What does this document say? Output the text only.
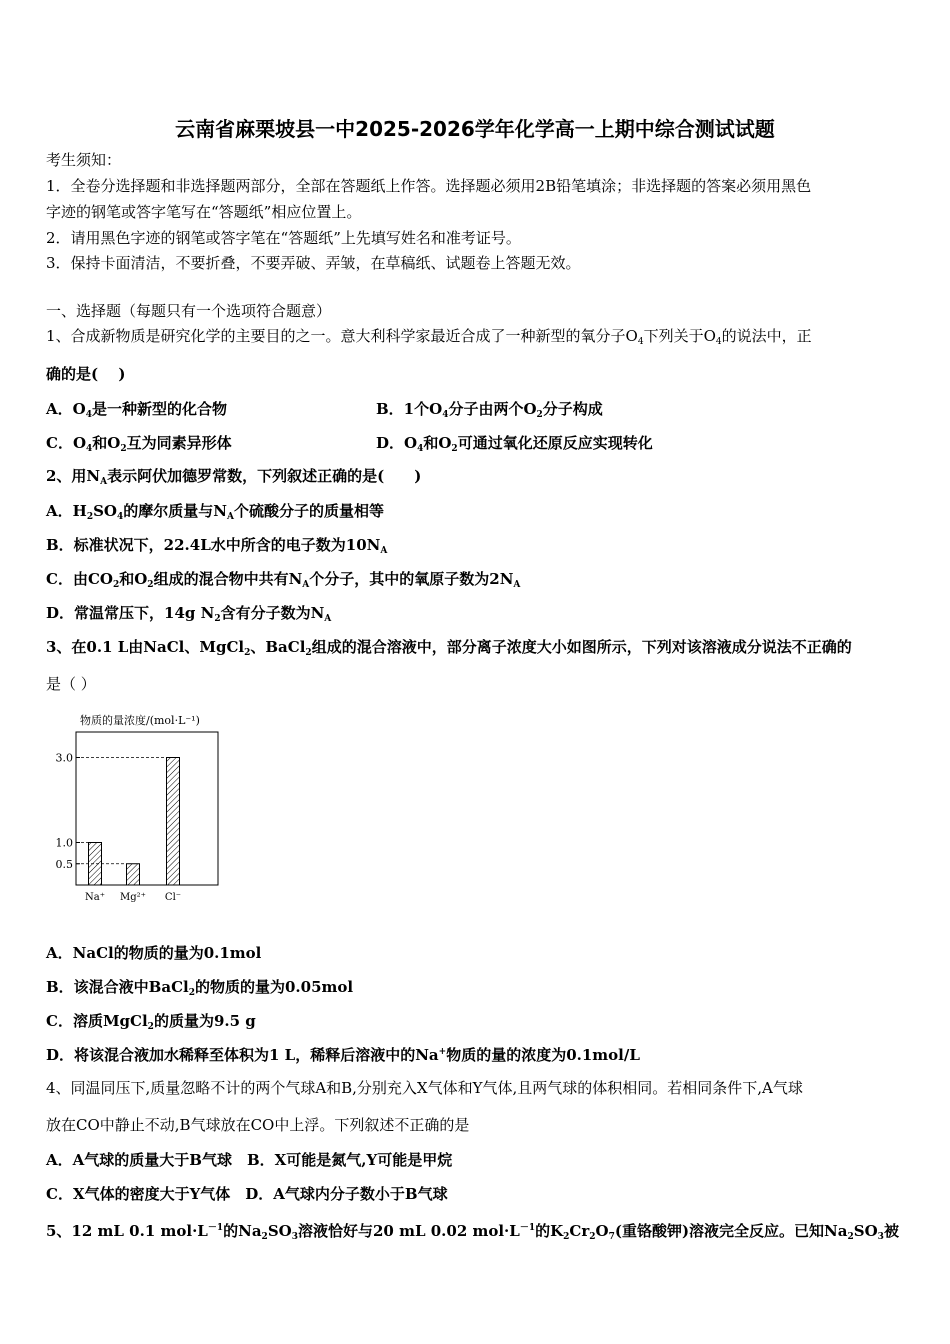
云南省麻栗坡县一中2025-2026学年化学高一上期中综合测试试题
考生须知：
1．全卷分选择题和非选择题两部分，全部在答题纸上作答。选择题必须用2B铅笔填涂；非选择题的答案必须用黑色
字迹的钢笔或答字笔写在“答题纸”相应位置上。
2．请用黑色字迹的钢笔或答字笔在“答题纸”上先填写姓名和准考证号。
3．保持卡面清洁，不要折叠，不要弄破、弄皱，在草稿纸、试题卷上答题无效。
一、选择题（每题只有一个选项符合题意）
1、合成新物质是研究化学的主要目的之一。意大利科学家最近合成了一种新型的氧分子$O_4$下列关于$O_4$的说法中，正
确的是(　 )
A．$O_4$是一种新型的化合物	B．1个$O_4$分子由两个$O_2$分子构成
C．$O_4$和$O_2$互为同素异形体	D．$O_4$和$O_2$可通过氧化还原反应实现转化
2、用$N_A$表示阿伏加德罗常数，下列叙述正确的是(　　)
A．$H_2SO_4$的摩尔质量与$N_A$个硫酸分子的质量相等
B．标准状况下，22.4L水中所含的电子数为$10N_A$
C．由$CO_2$和$O_2$组成的混合物中共有$N_A$个分子，其中的氧原子数为$2N_A$
D．常温常压下，14g $N_2$含有分子数为$N_A$
3、在0.1 L由NaCl、MgCl$_2$、BaCl$_2$组成的混合溶液中，部分离子浓度大小如图所示，下列对该溶液成分说法不正确的
是（ ）
物质的量浓度/(mol·L⁻¹)
3.0
1.0
0.5
Na⁺ Mg²⁺ Cl⁻
A．NaCl的物质的量为0.1mol
B．该混合液中BaCl$_2$的物质的量为0.05mol
C．溶质MgCl$_2$的质量为9.5 g
D．将该混合液加水稀释至体积为1 L，稀释后溶液中的Na+物质的量的浓度为0.1mol/L
4、同温同压下,质量忽略不计的两个气球A和B,分别充入X气体和Y气体,且两气球的体积相同。若相同条件下,A气球
放在CO中静止不动,B气球放在CO中上浮。下列叙述不正确的是
A．A气球的质量大于B气球　B．X可能是氮气,Y可能是甲烷
C．X气体的密度大于Y气体　D．A气球内分子数小于B气球
5、12 mL 0.1 $mol\cdot L^{-1}$的$Na_2SO_3$溶液恰好与20 mL 0.02 $mol\cdot L^{-1}$的$K_2Cr_2O_7$(重铬酸钾)溶液完全反应。已知$Na_2SO_3$被
